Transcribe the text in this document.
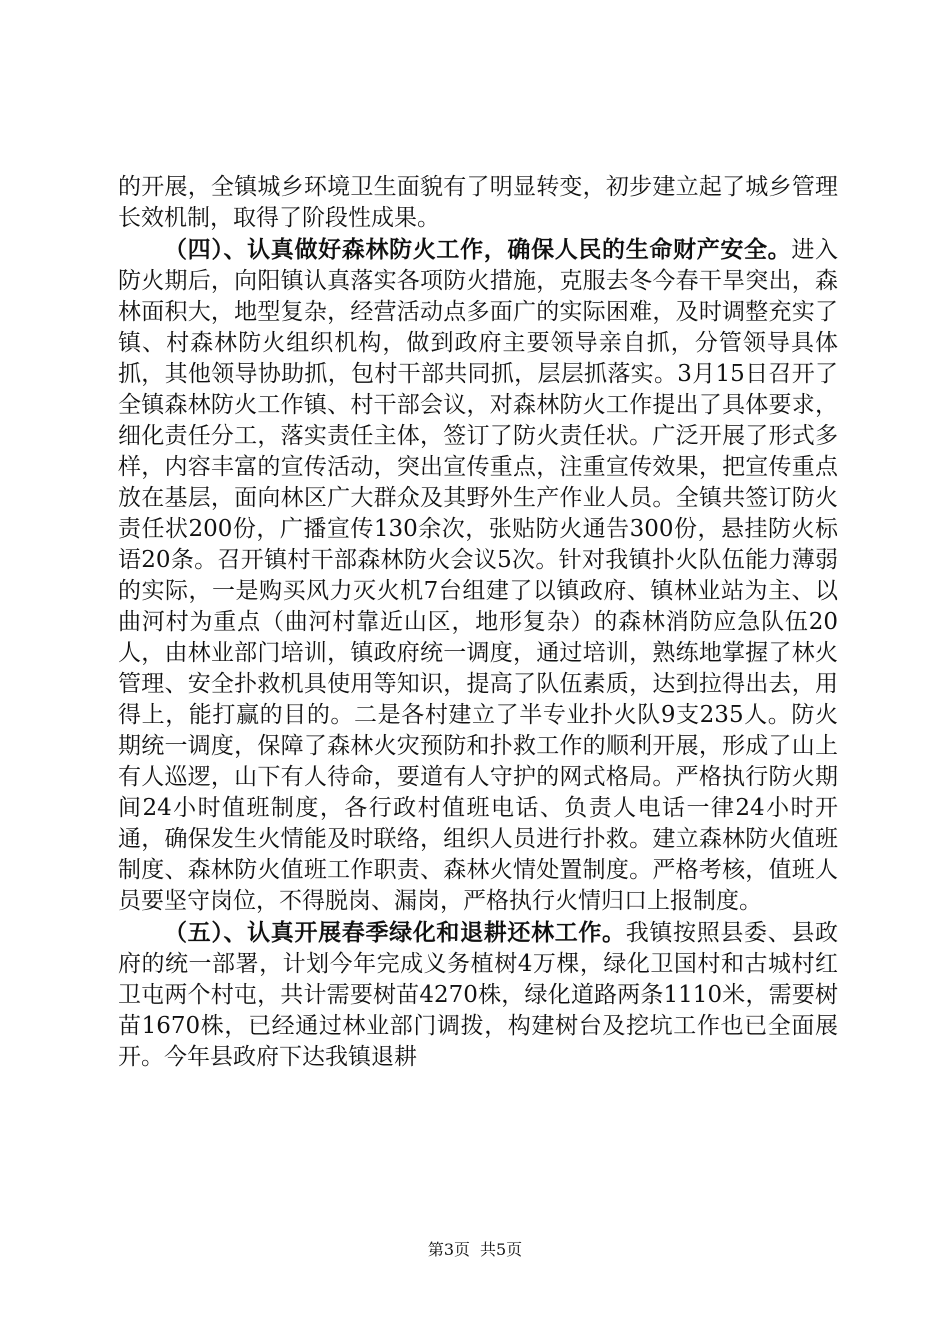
的开展，全镇城乡环境卫生面貌有了明显转变，初步建立起了城乡管理长效机制，取得了阶段性成果。

（四）、认真做好森林防火工作，确保人民的生命财产安全。进入防火期后，向阳镇认真落实各项防火措施，克服去冬今春干旱突出，森林面积大，地型复杂，经营活动点多面广的实际困难，及时调整充实了镇、村森林防火组织机构，做到政府主要领导亲自抓，分管领导具体抓，其他领导协助抓，包村干部共同抓，层层抓落实。3月15日召开了全镇森林防火工作镇、村干部会议，对森林防火工作提出了具体要求，细化责任分工，落实责任主体，签订了防火责任状。广泛开展了形式多样，内容丰富的宣传活动，突出宣传重点，注重宣传效果，把宣传重点放在基层，面向林区广大群众及其野外生产作业人员。全镇共签订防火责任状200份，广播宣传130余次，张贴防火通告300份，悬挂防火标语20条。召开镇村干部森林防火会议5次。针对我镇扑火队伍能力薄弱的实际，一是购买风力灭火机7台组建了以镇政府、镇林业站为主、以曲河村为重点（曲河村靠近山区，地形复杂）的森林消防应急队伍20人，由林业部门培训，镇政府统一调度，通过培训，熟练地掌握了林火管理、安全扑救机具使用等知识，提高了队伍素质，达到拉得出去，用得上，能打赢的目的。二是各村建立了半专业扑火队9支235人。防火期统一调度，保障了森林火灾预防和扑救工作的顺利开展，形成了山上有人巡逻，山下有人待命，要道有人守护的网式格局。严格执行防火期间24小时值班制度，各行政村值班电话、负责人电话一律24小时开通，确保发生火情能及时联络，组织人员进行扑救。建立森林防火值班制度、森林防火值班工作职责、森林火情处置制度。严格考核，值班人员要坚守岗位，不得脱岗、漏岗，严格执行火情归口上报制度。

（五）、认真开展春季绿化和退耕还林工作。我镇按照县委、县政府的统一部署，计划今年完成义务植树4万棵，绿化卫国村和古城村红卫屯两个村屯，共计需要树苗4270株，绿化道路两条1110米，需要树苗1670株，已经通过林业部门调拨，构建树台及挖坑工作也已全面展开。今年县政府下达我镇退耕

第3页 共5页
